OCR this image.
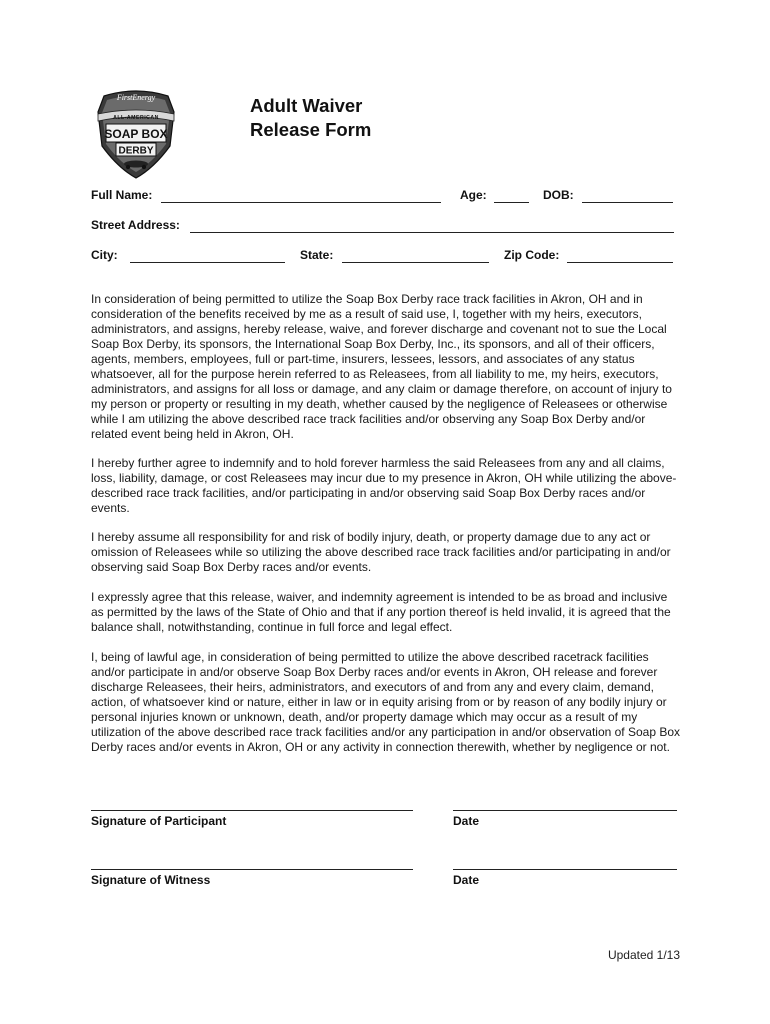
FirstEnergy
ALL-AMERICAN
SOAP BOX
DERBY
Adult Waiver
Release Form
Full Name:	Age:	DOB:
Street Address:
City:	State:	Zip Code:

In consideration of being permitted to utilize the Soap Box Derby race track facilities in Akron, OH and in consideration of the benefits received by me as a result of said use, I, together with my heirs, executors, administrators, and assigns, hereby release, waive, and forever discharge and covenant not to sue the Local Soap Box Derby, its sponsors, the International Soap Box Derby, Inc., its sponsors, and all of their officers, agents, members, employees, full or part-time, insurers, lessees, lessors, and associates of any status whatsoever, all for the purpose herein referred to as Releasees, from all liability to me, my heirs, executors, administrators, and assigns for all loss or damage, and any claim or damage therefore, on account of injury to my person or property or resulting in my death, whether caused by the negligence of Releasees or otherwise while I am utilizing the above described race track facilities and/or observing any Soap Box Derby and/or related event being held in Akron, OH.

I hereby further agree to indemnify and to hold forever harmless the said Releasees from any and all claims, loss, liability, damage, or cost Releasees may incur due to my presence in Akron, OH while utilizing the above-described race track facilities, and/or participating in and/or observing said Soap Box Derby races and/or events.

I hereby assume all responsibility for and risk of bodily injury, death, or property damage due to any act or omission of Releasees while so utilizing the above described race track facilities and/or participating in and/or observing said Soap Box Derby races and/or events.

I expressly agree that this release, waiver, and indemnity agreement is intended to be as broad and inclusive as permitted by the laws of the State of Ohio and that if any portion thereof is held invalid, it is agreed that the balance shall, notwithstanding, continue in full force and legal effect.

I, being of lawful age, in consideration of being permitted to utilize the above described racetrack facilities and/or participate in and/or observe Soap Box Derby races and/or events in Akron, OH release and forever discharge Releasees, their heirs, administrators, and executors of and from any and every claim, demand, action, of whatsoever kind or nature, either in law or in equity arising from or by reason of any bodily injury or personal injuries known or unknown, death, and/or property damage which may occur as a result of my utilization of the above described race track facilities and/or any participation in and/or observation of Soap Box Derby races and/or events in Akron, OH or any activity in connection therewith, whether by negligence or not.

Signature of Participant	Date
Signature of Witness	Date
Updated 1/13
